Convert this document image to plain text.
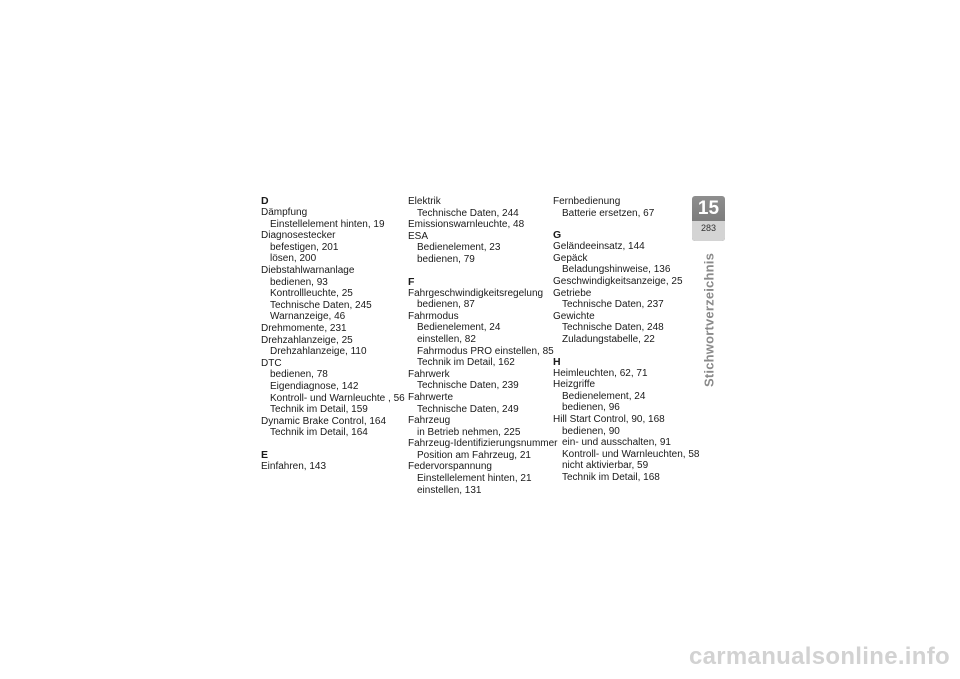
D
Dämpfung
Einstellelement hinten, 19
Diagnosestecker
befestigen, 201
lösen, 200
Diebstahlwarnanlage
bedienen, 93
Kontrollleuchte, 25
Technische Daten, 245
Warnanzeige, 46
Drehmomente, 231
Drehzahlanzeige, 25
Drehzahlanzeige, 110
DTC
bedienen, 78
Eigendiagnose, 142
Kontroll- und Warnleuchte , 56
Technik im Detail, 159
Dynamic Brake Control, 164
Technik im Detail, 164
E
Einfahren, 143
Elektrik
Technische Daten, 244
Emissionswarnleuchte, 48
ESA
Bedienelement, 23
bedienen, 79
F
Fahrgeschwindigkeitsregelung
bedienen, 87
Fahrmodus
Bedienelement, 24
einstellen, 82
Fahrmodus PRO einstellen, 85
Technik im Detail, 162
Fahrwerk
Technische Daten, 239
Fahrwerte
Technische Daten, 249
Fahrzeug
in Betrieb nehmen, 225
Fahrzeug-Identifizierungsnummer
Position am Fahrzeug, 21
Federvorspannung
Einstellelement hinten, 21
einstellen, 131
Fernbedienung
Batterie ersetzen, 67
G
Geländeeinsatz, 144
Gepäck
Beladungshinweise, 136
Geschwindigkeitsanzeige, 25
Getriebe
Technische Daten, 237
Gewichte
Technische Daten, 248
Zuladungstabelle, 22
H
Heimleuchten, 62, 71
Heizgriffe
Bedienelement, 24
bedienen, 96
Hill Start Control, 90, 168
bedienen, 90
ein- und ausschalten, 91
Kontroll- und Warnleuchten, 58
nicht aktivierbar, 59
Technik im Detail, 168
15
283
Stichwortverzeichnis
carmanualsonline.info
